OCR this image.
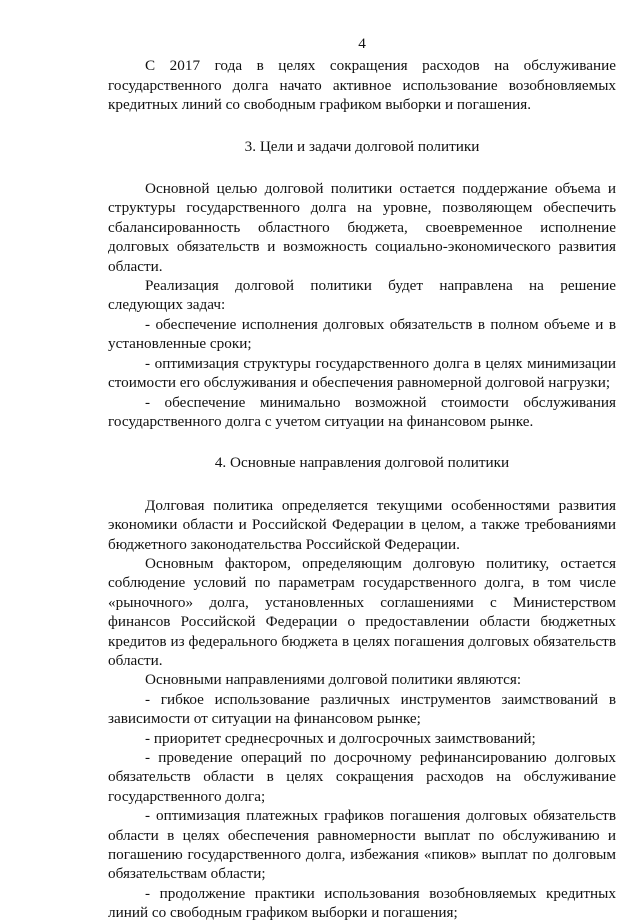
4

С 2017 года в целях сокращения расходов на обслуживание государственного долга начато активное использование возобновляемых кредитных линий со свободным графиком выборки и погашения.

3. Цели и задачи долговой политики

Основной целью долговой политики остается поддержание объема и структуры государственного долга на уровне, позволяющем обеспечить сбалансированность областного бюджета, своевременное исполнение долговых обязательств и возможность социально-экономического развития области.

Реализация долговой политики будет направлена на решение следующих задач:

- обеспечение исполнения долговых обязательств в полном объеме и в установленные сроки;

- оптимизация структуры государственного долга в целях минимизации стоимости его обслуживания и обеспечения равномерной долговой нагрузки;

- обеспечение минимально возможной стоимости обслуживания государственного долга с учетом ситуации на финансовом рынке.

4. Основные направления долговой политики

Долговая политика определяется текущими особенностями развития экономики области и Российской Федерации в целом, а также требованиями бюджетного законодательства Российской Федерации.

Основным фактором, определяющим долговую политику, остается соблюдение условий по параметрам государственного долга, в том числе «рыночного» долга, установленных соглашениями с Министерством финансов Российской Федерации о предоставлении области бюджетных кредитов из федерального бюджета в целях погашения долговых обязательств области.

Основными направлениями долговой политики являются:

- гибкое использование различных инструментов заимствований в зависимости от ситуации на финансовом рынке;

- приоритет среднесрочных и долгосрочных заимствований;

- проведение операций по досрочному рефинансированию долговых обязательств области в целях сокращения расходов на обслуживание государственного долга;

- оптимизация платежных графиков погашения долговых обязательств области в целях обеспечения равномерности выплат по обслуживанию и погашению государственного долга, избежания «пиков» выплат по долговым обязательствам области;

- продолжение практики использования возобновляемых кредитных линий со свободным графиком выборки и погашения;
